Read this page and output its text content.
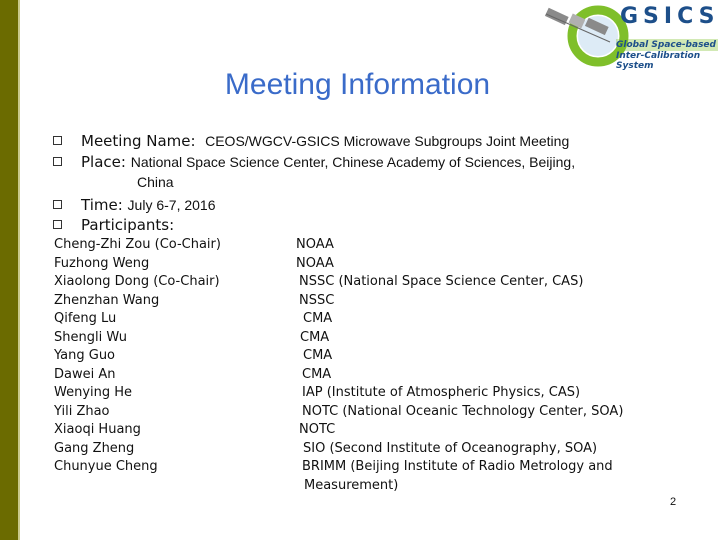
GSICS
Global Space-based
Inter-Calibration System
Meeting Information
Meeting Name: CEOS/WGCV-GSICS Microwave Subgroups Joint Meeting
Place: National Space Science Center, Chinese Academy of Sciences, Beijing,
China
Time: July 6-7, 2016
Participants:
Cheng-Zhi Zou (Co-Chair)
Fuzhong Weng
Xiaolong Dong (Co-Chair)
Zhenzhan Wang
Qifeng Lu
Shengli Wu
Yang Guo
Dawei An
Wenying He
Yili Zhao
Xiaoqi Huang
Gang Zheng
Chunyue Cheng
NOAA
NOAA
NSSC (National Space Science Center, CAS)
NSSC
CMA
CMA
CMA
CMA
IAP (Institute of Atmospheric Physics, CAS)
NOTC (National Oceanic Technology Center, SOA)
NOTC
SIO (Second Institute of Oceanography, SOA)
BRIMM (Beijing Institute of Radio Metrology and
Measurement)
2
